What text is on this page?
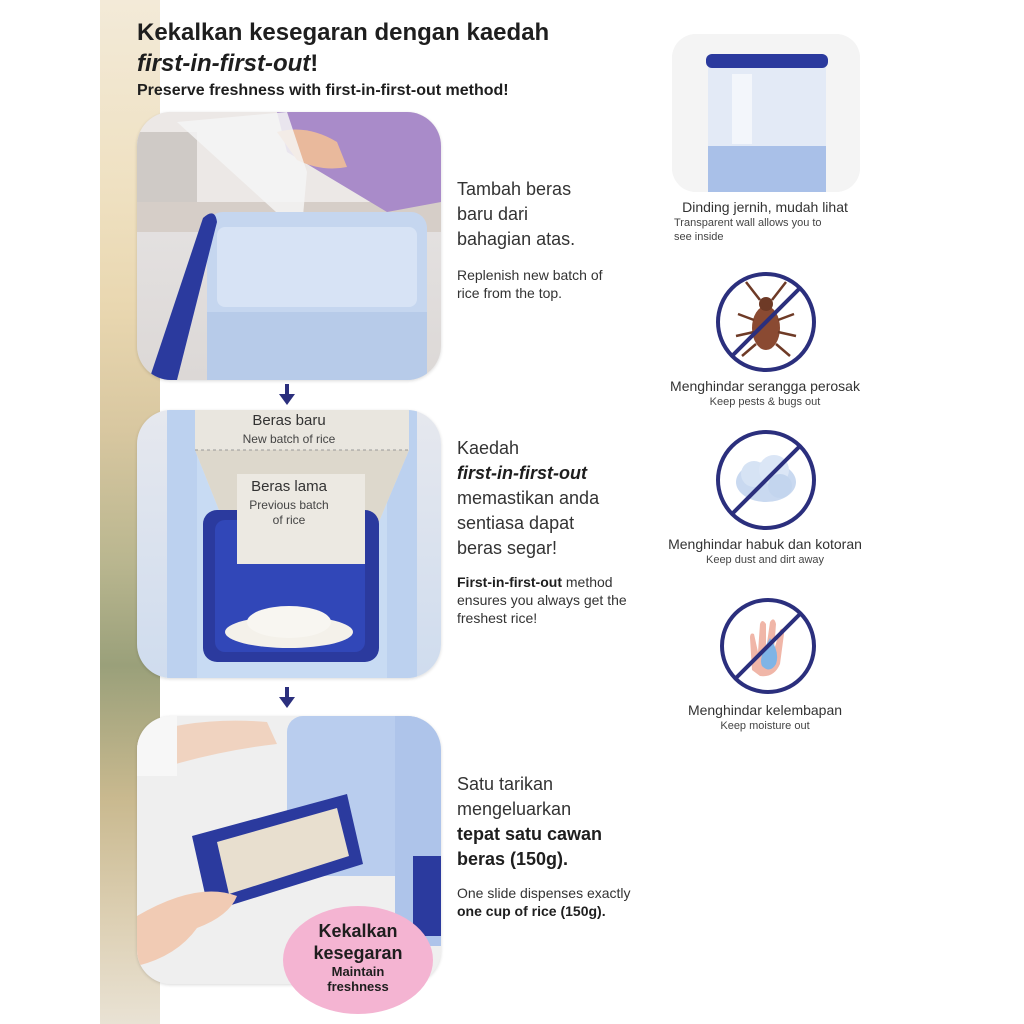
Kekalkan kesegaran dengan kaedah
first-in-first-out!
Preserve freshness with first-in-first-out method!
Tambah beras
baru dari
bahagian atas.
Replenish new batch of
rice from the top.
Beras baru
New batch of rice
Beras lama
Previous batch
of rice
Kaedah
first-in-first-out
memastikan anda
sentiasa dapat
beras segar!
First-in-first-out method
ensures you always get the
freshest rice!
Satu tarikan
mengeluarkan
tepat satu cawan
beras (150g).
One slide dispenses exactly
one cup of rice (150g).
Kekalkan
kesegaran
Maintain
freshness
Dinding jernih, mudah lihat
Transparent wall allows you to
see inside
Menghindar serangga perosak
Keep pests & bugs out
Menghindar habuk dan kotoran
Keep dust and dirt away
Menghindar kelembapan
Keep moisture out
